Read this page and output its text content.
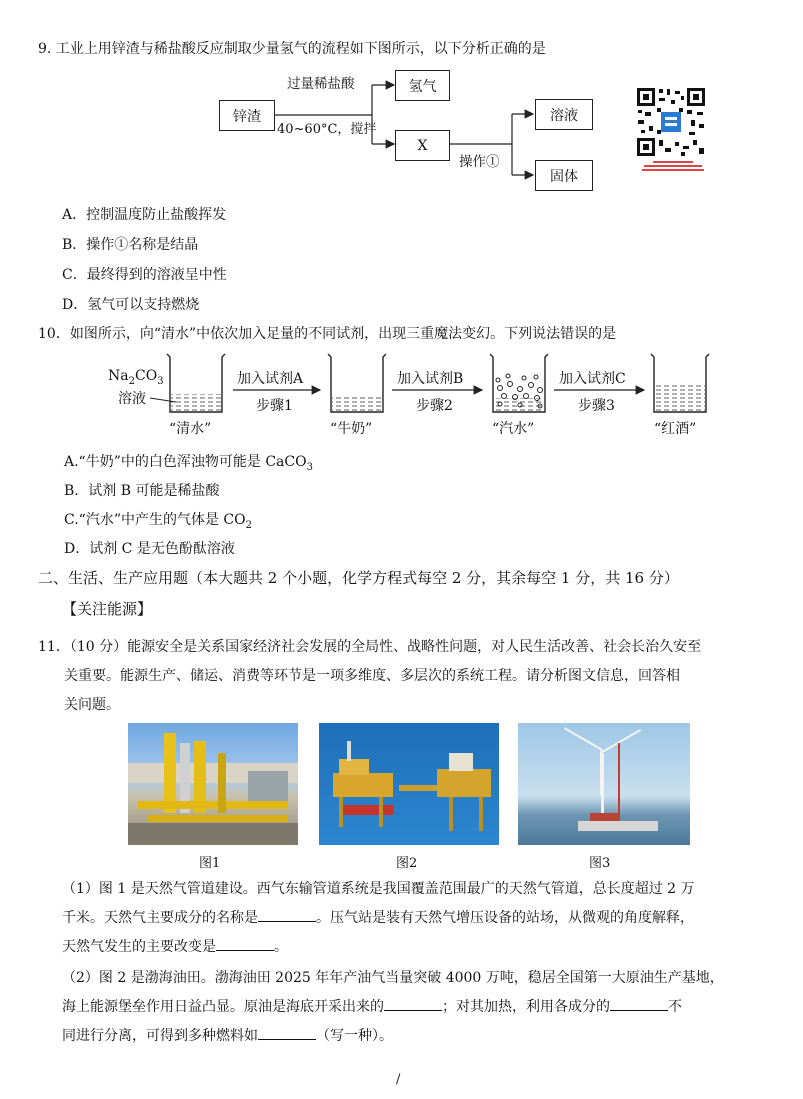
9. 工业上用锌渣与稀盐酸反应制取少量氢气的流程如下图所示，以下分析正确的是
锌渣
过量稀盐酸
40~60°C，搅拌
氢气
X
操作①
溶液
固体
A．控制温度防止盐酸挥发
B．操作①名称是结晶
C．最终得到的溶液呈中性
D．氢气可以支持燃烧
10．如图所示，向“清水”中依次加入足量的不同试剂，出现三重魔法变幻。下列说法错误的是
$Na_2CO_3$
溶液
加入试剂A
步骤1
加入试剂B
步骤2
加入试剂C
步骤3
“清水”	“牛奶”	“汽水”	“红酒”
A.“牛奶”中的白色浑浊物可能是 CaCO$_3$
B．试剂 B 可能是稀盐酸
C.“汽水”中产生的气体是 $CO_2$
D．试剂 C 是无色酚酞溶液
二、生活、生产应用题（本大题共 2 个小题，化学方程式每空 2 分，其余每空 1 分，共 16 分）
【关注能源】
11．（10 分）能源安全是关系国家经济社会发展的全局性、战略性问题，对人民生活改善、社会长治久安至
关重要。能源生产、储运、消费等环节是一项多维度、多层次的系统工程。请分析图文信息，回答相
关问题。
图1	图2	图3
（1）图 1 是天然气管道建设。西气东输管道系统是我国覆盖范围最广的天然气管道，总长度超过 2 万
千米。天然气主要成分的名称是	。压气站是装有天然气增压设备的站场，从微观的角度解释，
天然气发生的主要改变是	。
（2）图 2 是渤海油田。渤海油田 2025 年年产油气当量突破 4000 万吨，稳居全国第一大原油生产基地，
海上能源堡垒作用日益凸显。原油是海底开采出来的	；对其加热，利用各成分的	不
同进行分离，可得到多种燃料如	（写一种）。
/
